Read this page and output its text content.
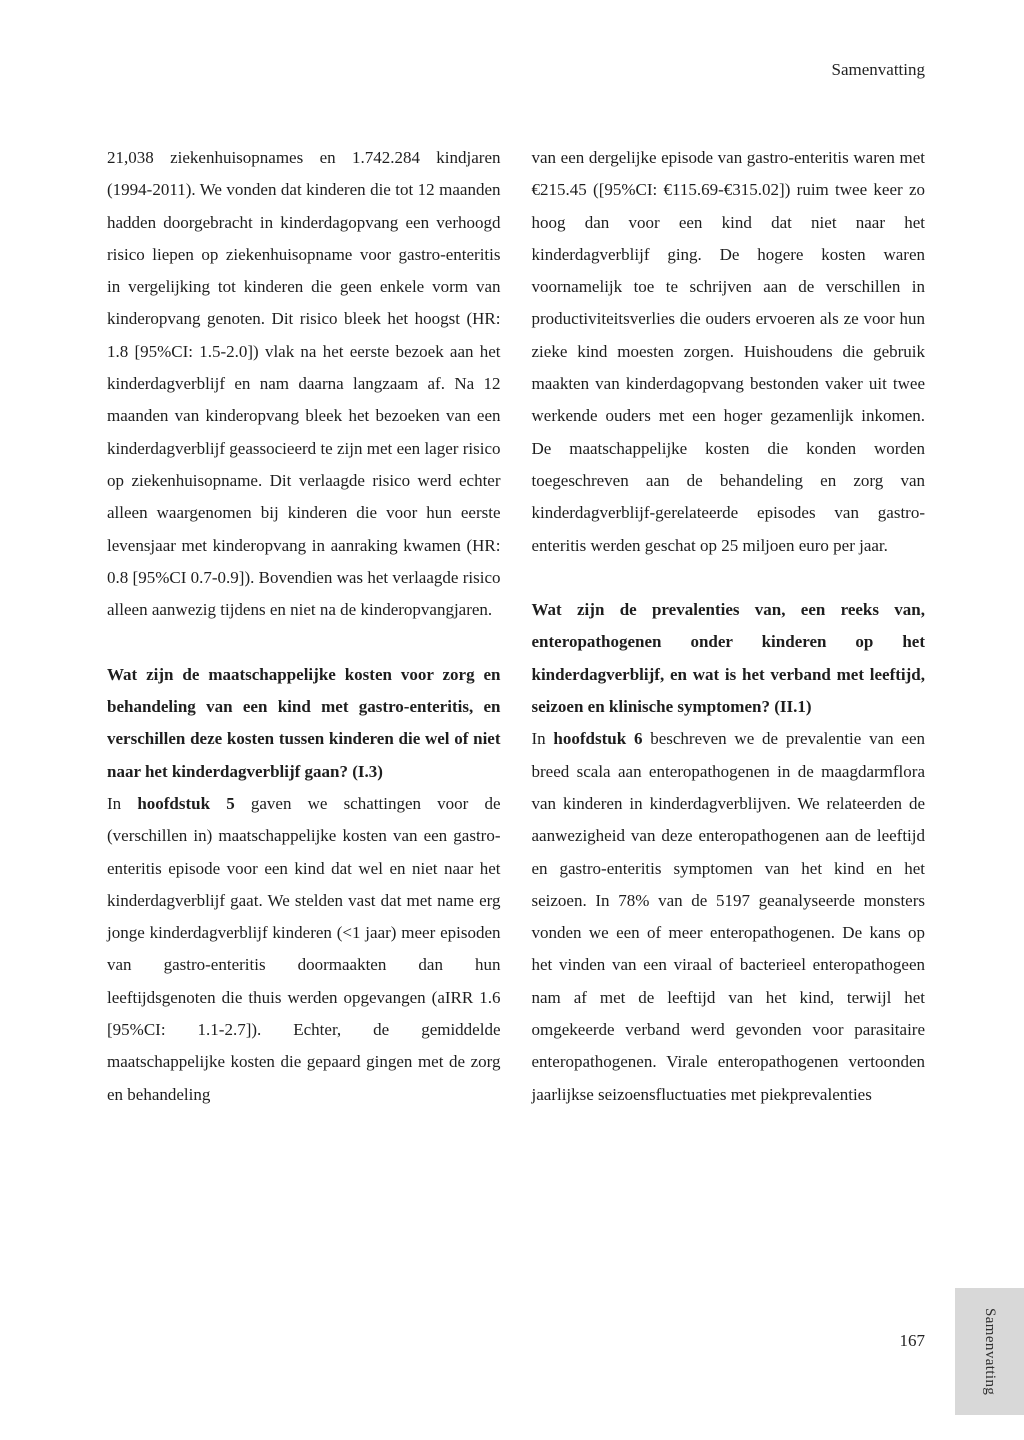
Samenvatting

21,038 ziekenhuisopnames en 1.742.284 kindjaren (1994-2011). We vonden dat kinderen die tot 12 maanden hadden doorgebracht in kinderdagopvang een verhoogd risico liepen op ziekenhuisopname voor gastro-enteritis in vergelijking tot kinderen die geen enkele vorm van kinderopvang genoten. Dit risico bleek het hoogst (HR: 1.8 [95%CI: 1.5-2.0]) vlak na het eerste bezoek aan het kinderdagverblijf en nam daarna langzaam af. Na 12 maanden van kinderopvang bleek het bezoeken van een kinderdagverblijf geassocieerd te zijn met een lager risico op ziekenhuisopname. Dit verlaagde risico werd echter alleen waargenomen bij kinderen die voor hun eerste levensjaar met kinderopvang in aanraking kwamen (HR: 0.8 [95%CI 0.7-0.9]). Bovendien was het verlaagde risico alleen aanwezig tijdens en niet na de kinderopvangjaren.

Wat zijn de maatschappelijke kosten voor zorg en behandeling van een kind met gastro-enteritis, en verschillen deze kosten tussen kinderen die wel of niet naar het kinderdagverblijf gaan? (I.3)

In hoofdstuk 5 gaven we schattingen voor de (verschillen in) maatschappelijke kosten van een gastro-enteritis episode voor een kind dat wel en niet naar het kinderdagverblijf gaat. We stelden vast dat met name erg jonge kinderdagverblijf kinderen (<1 jaar) meer episoden van gastro-enteritis doormaakten dan hun leeftijdsgenoten die thuis werden opgevangen (aIRR 1.6 [95%CI: 1.1-2.7]). Echter, de gemiddelde maatschappelijke kosten die gepaard gingen met de zorg en behandeling

van een dergelijke episode van gastro-enteritis waren met €215.45 ([95%CI: €115.69-€315.02]) ruim twee keer zo hoog dan voor een kind dat niet naar het kinderdagverblijf ging. De hogere kosten waren voornamelijk toe te schrijven aan de verschillen in productiviteitsverlies die ouders ervoeren als ze voor hun zieke kind moesten zorgen. Huishoudens die gebruik maakten van kinderdagopvang bestonden vaker uit twee werkende ouders met een hoger gezamenlijk inkomen. De maatschappelijke kosten die konden worden toegeschreven aan de behandeling en zorg van kinderdagverblijf-gerelateerde episodes van gastro-enteritis werden geschat op 25 miljoen euro per jaar.

Wat zijn de prevalenties van, een reeks van, enteropathogenen onder kinderen op het kinderdagverblijf, en wat is het verband met leeftijd, seizoen en klinische symptomen? (II.1)

In hoofdstuk 6 beschreven we de prevalentie van een breed scala aan enteropathogenen in de maagdarmflora van kinderen in kinderdagverblijven. We relateerden de aanwezigheid van deze enteropathogenen aan de leeftijd en gastro-enteritis symptomen van het kind en het seizoen. In 78% van de 5197 geanalyseerde monsters vonden we een of meer enteropathogenen. De kans op het vinden van een viraal of bacterieel enteropathogeen nam af met de leeftijd van het kind, terwijl het omgekeerde verband werd gevonden voor parasitaire enteropathogenen. Virale enteropathogenen vertoonden jaarlijkse seizoensfluctuaties met piekprevalenties

167	Samenvatting
